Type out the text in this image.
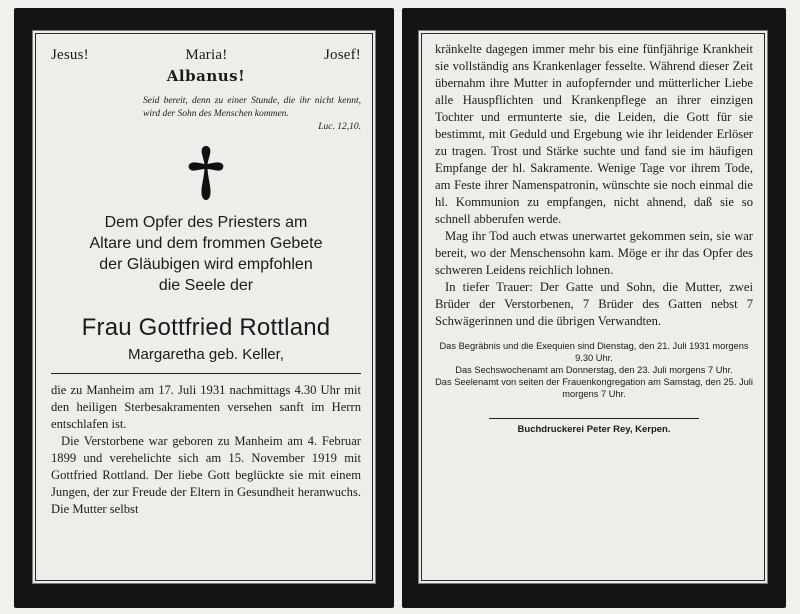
Jesus!	Maria!	Josef!
Albanus!
Seid bereit, denn zu einer Stunde, die ihr nicht kennt, wird der Sohn des Menschen kommen.
Luc. 12,10.
Dem Opfer des Priesters am
Altare und dem frommen Gebete
der Gläubigen wird empfohlen
die Seele der
Frau Gottfried Rottland
Margaretha geb. Keller,

die zu Manheim am 17. Juli 1931 nachmittags 4.30 Uhr mit den heiligen Sterbesakramenten versehen sanft im Herrn entschlafen ist.

Die Verstorbene war geboren zu Manheim am 4. Februar 1899 und verehelichte sich am 15. November 1919 mit Gottfried Rottland. Der liebe Gott beglückte sie mit einem Jungen, der zur Freude der Eltern in Gesundheit heranwuchs. Die Mutter selbst

kränkelte dagegen immer mehr bis eine fünfjährige Krankheit sie vollständig ans Krankenlager fesselte. Während dieser Zeit übernahm ihre Mutter in aufopfernder und mütterlicher Liebe alle Hauspflichten und Krankenpflege an ihrer einzigen Tochter und ermunterte sie, die Leiden, die Gott für sie bestimmt, mit Geduld und Ergebung wie ihr leidender Erlöser zu tragen. Trost und Stärke suchte und fand sie im häufigen Empfange der hl. Sakramente. Wenige Tage vor ihrem Tode, am Feste ihrer Namenspatronin, wünschte sie noch einmal die hl. Kommunion zu empfangen, nicht ahnend, daß sie so schnell abberufen werde.

Mag ihr Tod auch etwas unerwartet gekommen sein, sie war bereit, wo der Menschensohn kam. Möge er ihr das Opfer des schweren Leidens reichlich lohnen.

In tiefer Trauer: Der Gatte und Sohn, die Mutter, zwei Brüder der Verstorbenen, 7 Brüder des Gatten nebst 7 Schwägerinnen und die übrigen Verwandten.

Das Begräbnis und die Exequien sind Dienstag, den 21. Juli 1931 morgens 9.30 Uhr.
Das Sechswochenamt am Donnerstag, den 23. Juli morgens 7 Uhr.
Das Seelenamt von seiten der Frauenkongregation am Samstag, den 25. Juli morgens 7 Uhr.
Buchdruckerei Peter Rey, Kerpen.
